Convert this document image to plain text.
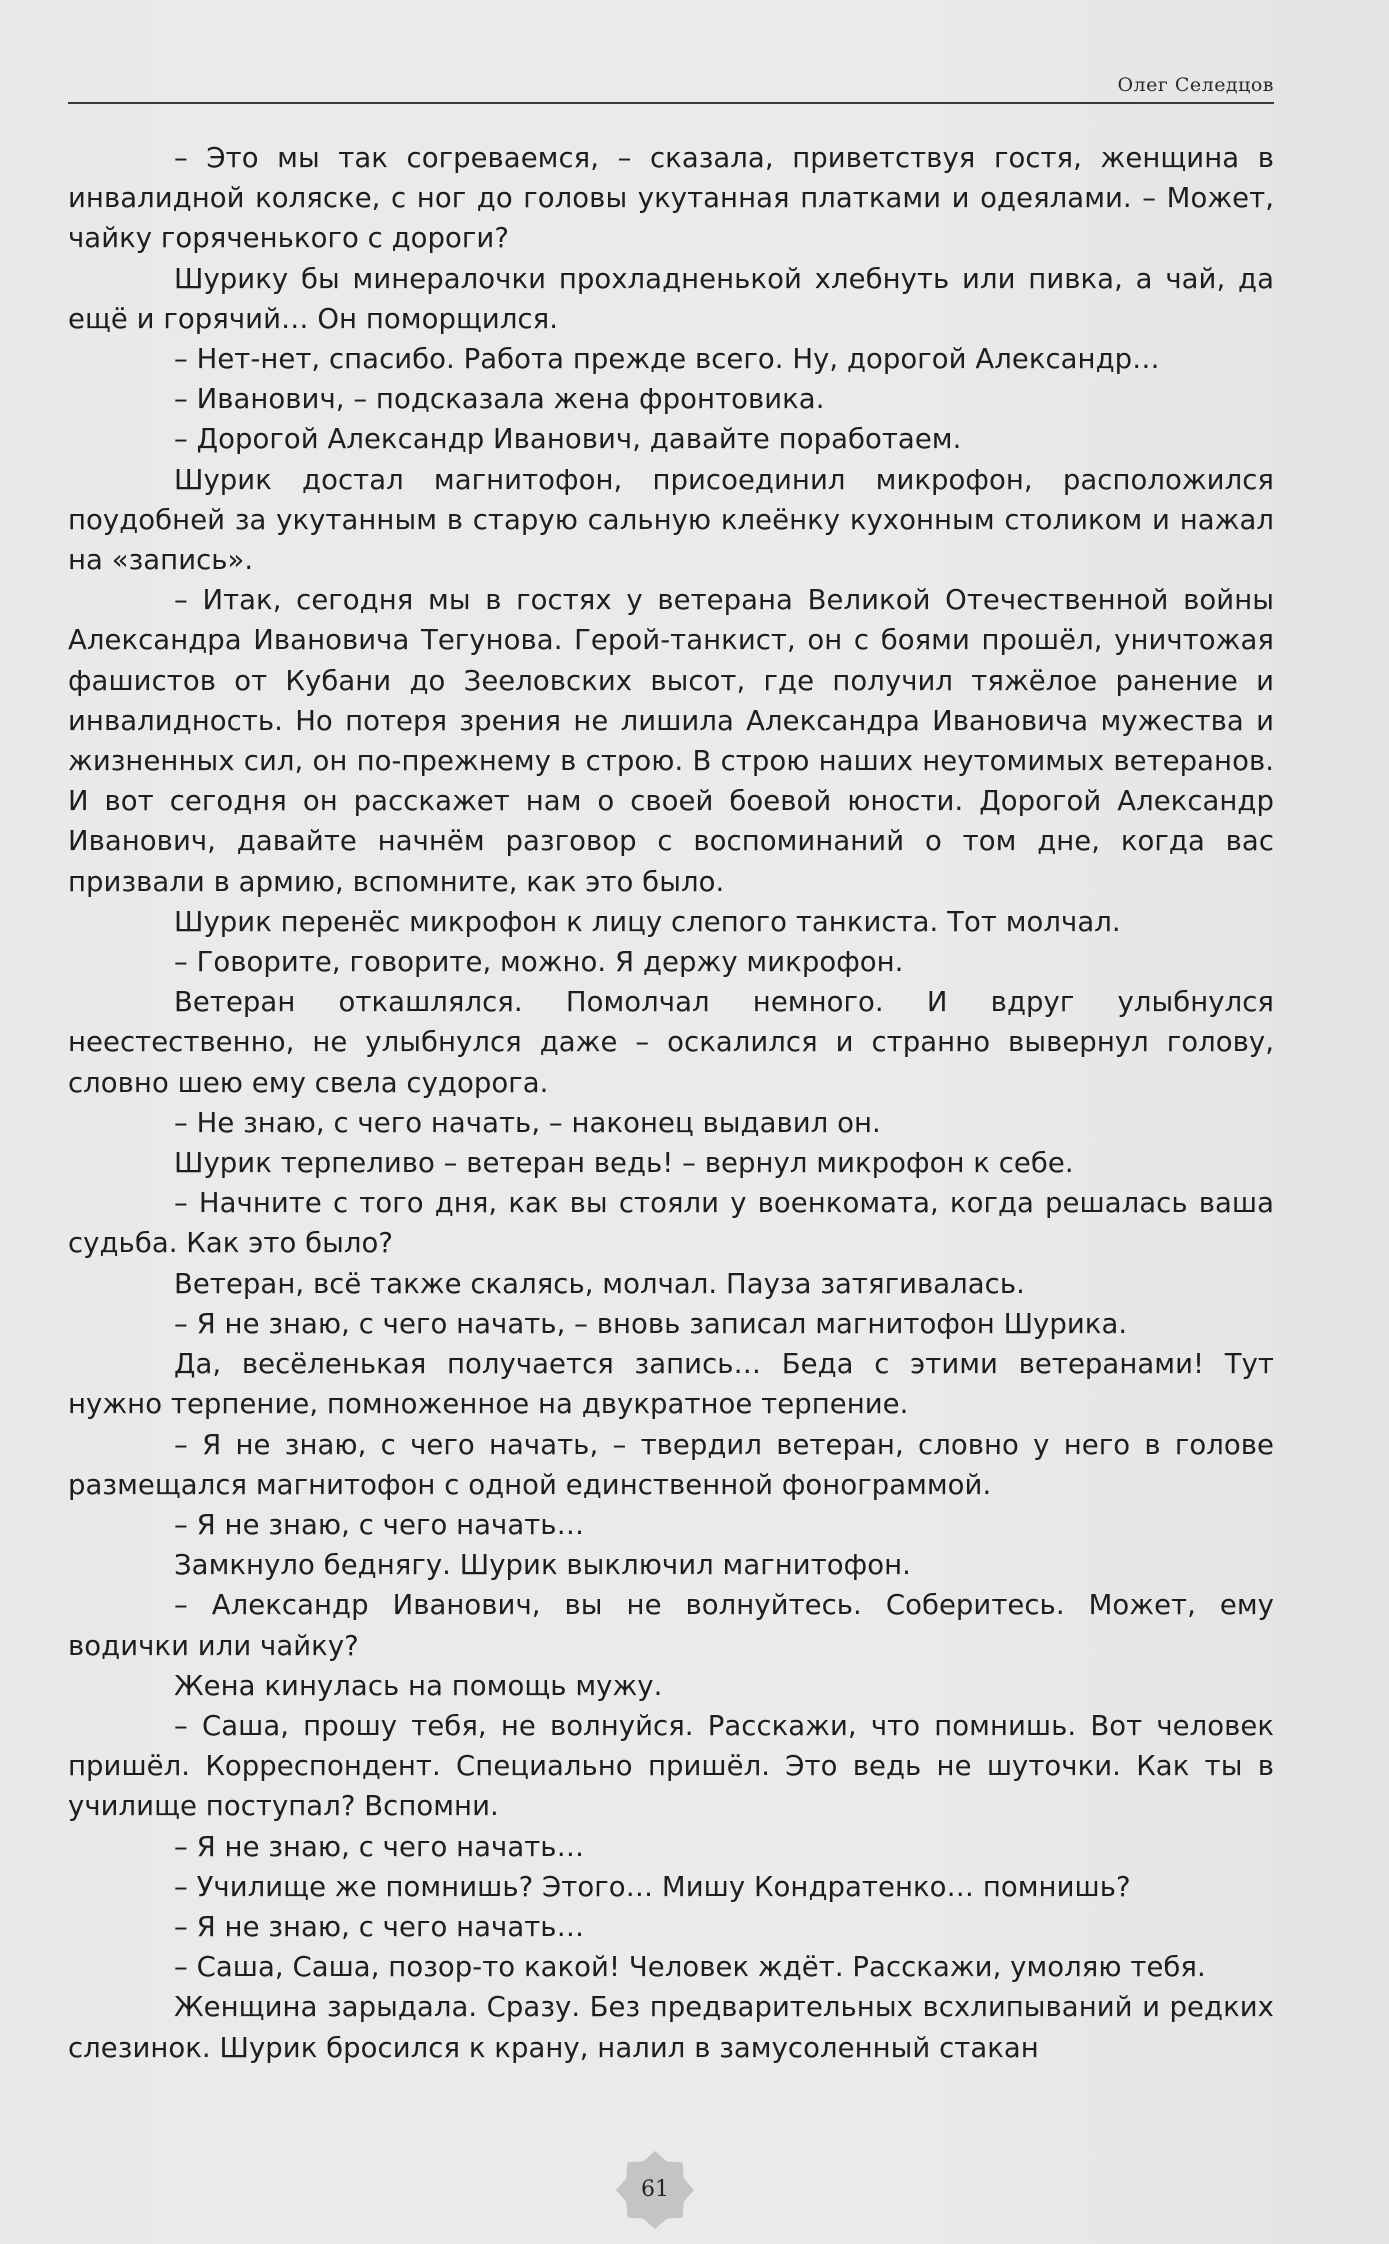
Олег Селедцов

– Это мы так согреваемся, – сказала, приветствуя гостя, женщина в инвалидной коляске, с ног до головы укутанная платками и одеялами. – Может, чайку горяченького с дороги?

Шурику бы минералочки прохладненькой хлебнуть или пивка, а чай, да ещё и горячий… Он поморщился.

– Нет-нет, спасибо. Работа прежде всего. Ну, дорогой Александр…

– Иванович, – подсказала жена фронтовика.

– Дорогой Александр Иванович, давайте поработаем.

Шурик достал магнитофон, присоединил микрофон, расположился поудобней за укутанным в старую сальную клеёнку кухонным столиком и нажал на «запись».

– Итак, сегодня мы в гостях у ветерана Великой Отечественной войны Александра Ивановича Тегунова. Герой-танкист, он с боями прошёл, уничтожая фашистов от Кубани до Зееловских высот, где получил тяжёлое ранение и инвалидность. Но потеря зрения не лишила Александра Ивановича мужества и жизненных сил, он по-прежнему в строю. В строю наших неутомимых ветеранов. И вот сегодня он расскажет нам о своей боевой юности. Дорогой Александр Иванович, давайте начнём разговор с воспоминаний о том дне, когда вас призвали в армию, вспомните, как это было.

Шурик перенёс микрофон к лицу слепого танкиста. Тот молчал.

– Говорите, говорите, можно. Я держу микрофон.

Ветеран откашлялся. Помолчал немного. И вдруг улыбнулся неестественно, не улыбнулся даже – оскалился и странно вывернул голову, словно шею ему свела судорога.

– Не знаю, с чего начать, – наконец выдавил он.

Шурик терпеливо – ветеран ведь! – вернул микрофон к себе.

– Начните с того дня, как вы стояли у военкомата, когда решалась ваша судьба. Как это было?

Ветеран, всё также скалясь, молчал. Пауза затягивалась.

– Я не знаю, с чего начать, – вновь записал магнитофон Шурика.

Да, весёленькая получается запись… Беда с этими ветеранами! Тут нужно терпение, помноженное на двукратное терпение.

– Я не знаю, с чего начать, – твердил ветеран, словно у него в голове размещался магнитофон с одной единственной фонограммой.

– Я не знаю, с чего начать…

Замкнуло беднягу. Шурик выключил магнитофон.

– Александр Иванович, вы не волнуйтесь. Соберитесь. Может, ему водички или чайку?

Жена кинулась на помощь мужу.

– Саша, прошу тебя, не волнуйся. Расскажи, что помнишь. Вот человек пришёл. Корреспондент. Специально пришёл. Это ведь не шуточки. Как ты в училище поступал? Вспомни.

– Я не знаю, с чего начать…

– Училище же помнишь? Этого… Мишу Кондратенко… помнишь?

– Я не знаю, с чего начать…

– Саша, Саша, позор-то какой! Человек ждёт. Расскажи, умоляю тебя.

Женщина зарыдала. Сразу. Без предварительных всхлипываний и редких слезинок. Шурик бросился к крану, налил в замусоленный стакан

61
